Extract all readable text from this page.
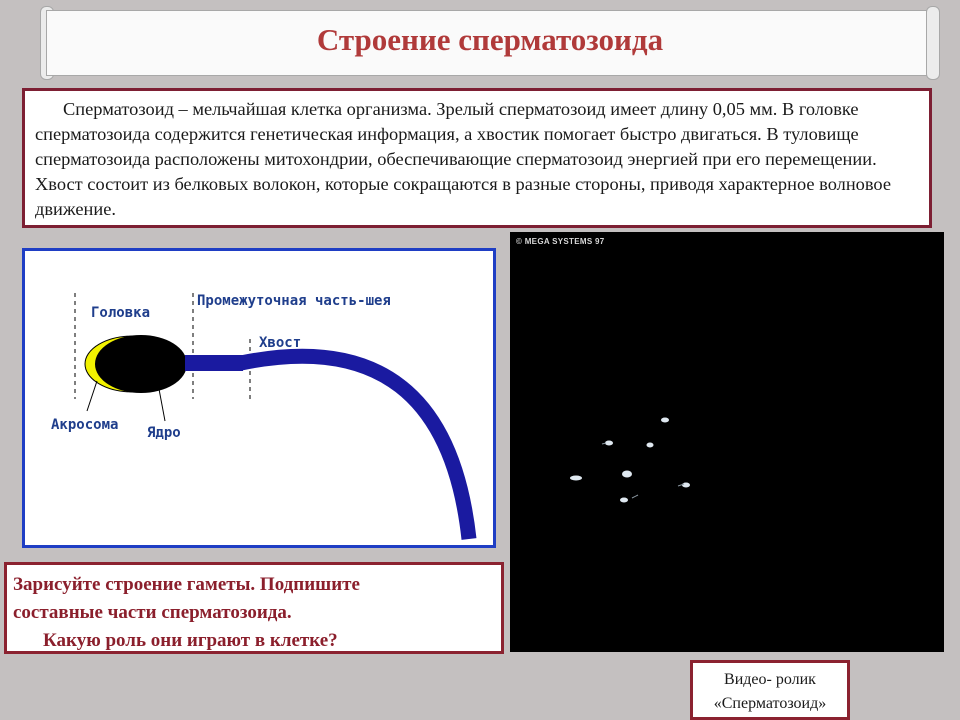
Строение сперматозоида
Сперматозоид – мельчайшая клетка организма. Зрелый сперматозоид имеет длину 0,05 мм. В головке сперматозоида содержится генетическая информация, а хвостик помогает быстро двигаться. В туловище сперматозоида расположены митохондрии, обеспечивающие сперматозоид энергией при его перемещении. Хвост состоит из белковых волокон, которые сокращаются в разные стороны, приводя характерное волновое движение.
Головка
Промежуточная часть-шея
Хвост
Акросома Ядро
Зарисуйте строение гаметы. Подпишите
составные части сперматозоида.
Какую роль они играют в клетке?
© MEGA SYSTEMS 97
Видео- ролик
«Сперматозоид»
